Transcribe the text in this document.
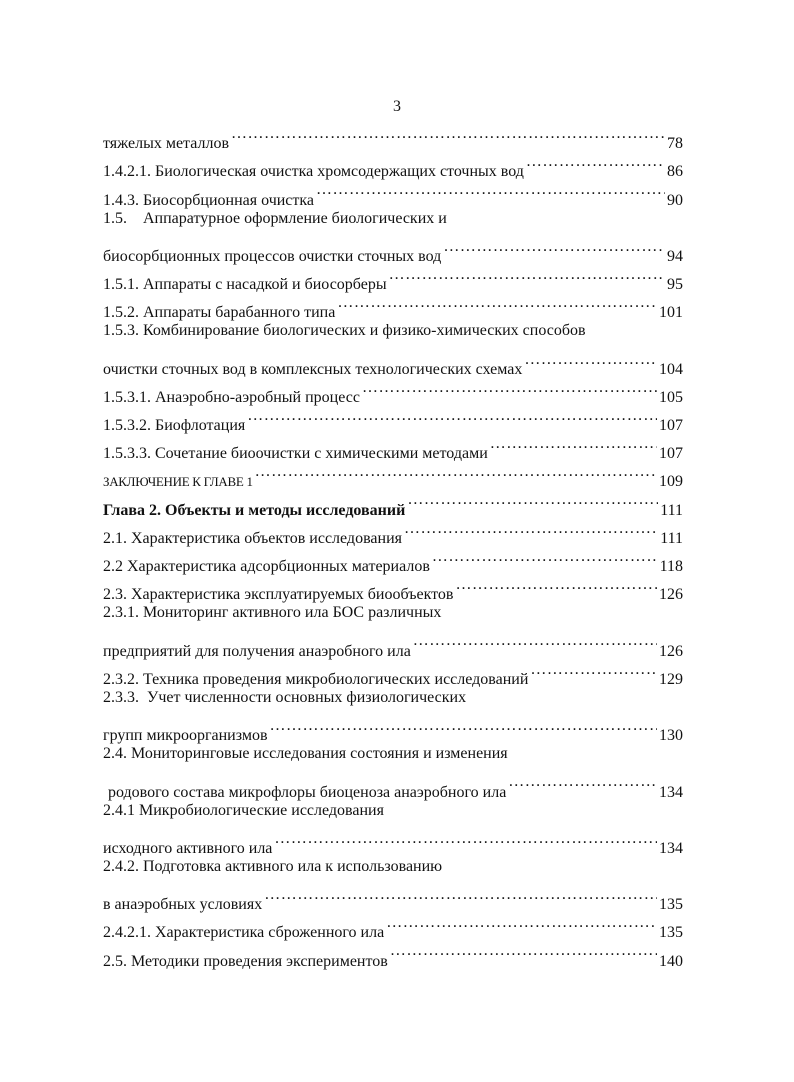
3
тяжелых металлов ………………………………………………………………………………………………………………………………………………………………………………………………	78
1.4.2.1. Биологическая очистка хромсодержащих сточных вод ………………………………………………………………………………………………………………………………………………………………………………………………	86
1.4.3. Биосорбционная очистка ………………………………………………………………………………………………………………………………………………………………………………………………	90
1.5.    Аппаратурное оформление биологических и
биосорбционных процессов очистки сточных вод ………………………………………………………………………………………………………………………………………………………………………………………………	94
1.5.1. Аппараты с насадкой и биосорберы ………………………………………………………………………………………………………………………………………………………………………………………………	95
1.5.2. Аппараты барабанного типа ………………………………………………………………………………………………………………………………………………………………………………………………	101
1.5.3. Комбинирование биологических и физико-химических способов
очистки сточных вод в комплексных технологических схемах ………………………………………………………………………………………………………………………………………………………………………………………………	104
1.5.3.1. Анаэробно-аэробный процесс ………………………………………………………………………………………………………………………………………………………………………………………………	105
1.5.3.2. Биофлотация ………………………………………………………………………………………………………………………………………………………………………………………………	107
1.5.3.3. Сочетание биоочистки с химическими методами ………………………………………………………………………………………………………………………………………………………………………………………………	107
ЗАКЛЮЧЕНИЕ К ГЛАВЕ 1 ………………………………………………………………………………………………………………………………………………………………………………………………	109
Глава 2. Объекты и методы исследований ………………………………………………………………………………………………………………………………………………………………………………………………	111
2.1. Характеристика объектов исследования ………………………………………………………………………………………………………………………………………………………………………………………………	111
2.2 Характеристика адсорбционных материалов ………………………………………………………………………………………………………………………………………………………………………………………………	118
2.3. Характеристика эксплуатируемых биообъектов ………………………………………………………………………………………………………………………………………………………………………………………………	126
2.3.1. Мониторинг активного ила БОС различных
предприятий для получения анаэробного ила ………………………………………………………………………………………………………………………………………………………………………………………………	126
2.3.2. Техника проведения микробиологических исследований ………………………………………………………………………………………………………………………………………………………………………………………………	129
2.3.3.  Учет численности основных физиологических
групп микроорганизмов ………………………………………………………………………………………………………………………………………………………………………………………………	130
2.4. Мониторинговые исследования состояния и изменения
родового состава микрофлоры биоценоза анаэробного ила ………………………………………………………………………………………………………………………………………………………………………………………………	134
2.4.1 Микробиологические исследования
исходного активного ила ………………………………………………………………………………………………………………………………………………………………………………………………	134
2.4.2. Подготовка активного ила к использованию
в анаэробных условиях ………………………………………………………………………………………………………………………………………………………………………………………………	135
2.4.2.1. Характеристика сброженного ила ………………………………………………………………………………………………………………………………………………………………………………………………	135
2.5. Методики проведения экспериментов ………………………………………………………………………………………………………………………………………………………………………………………………	140
